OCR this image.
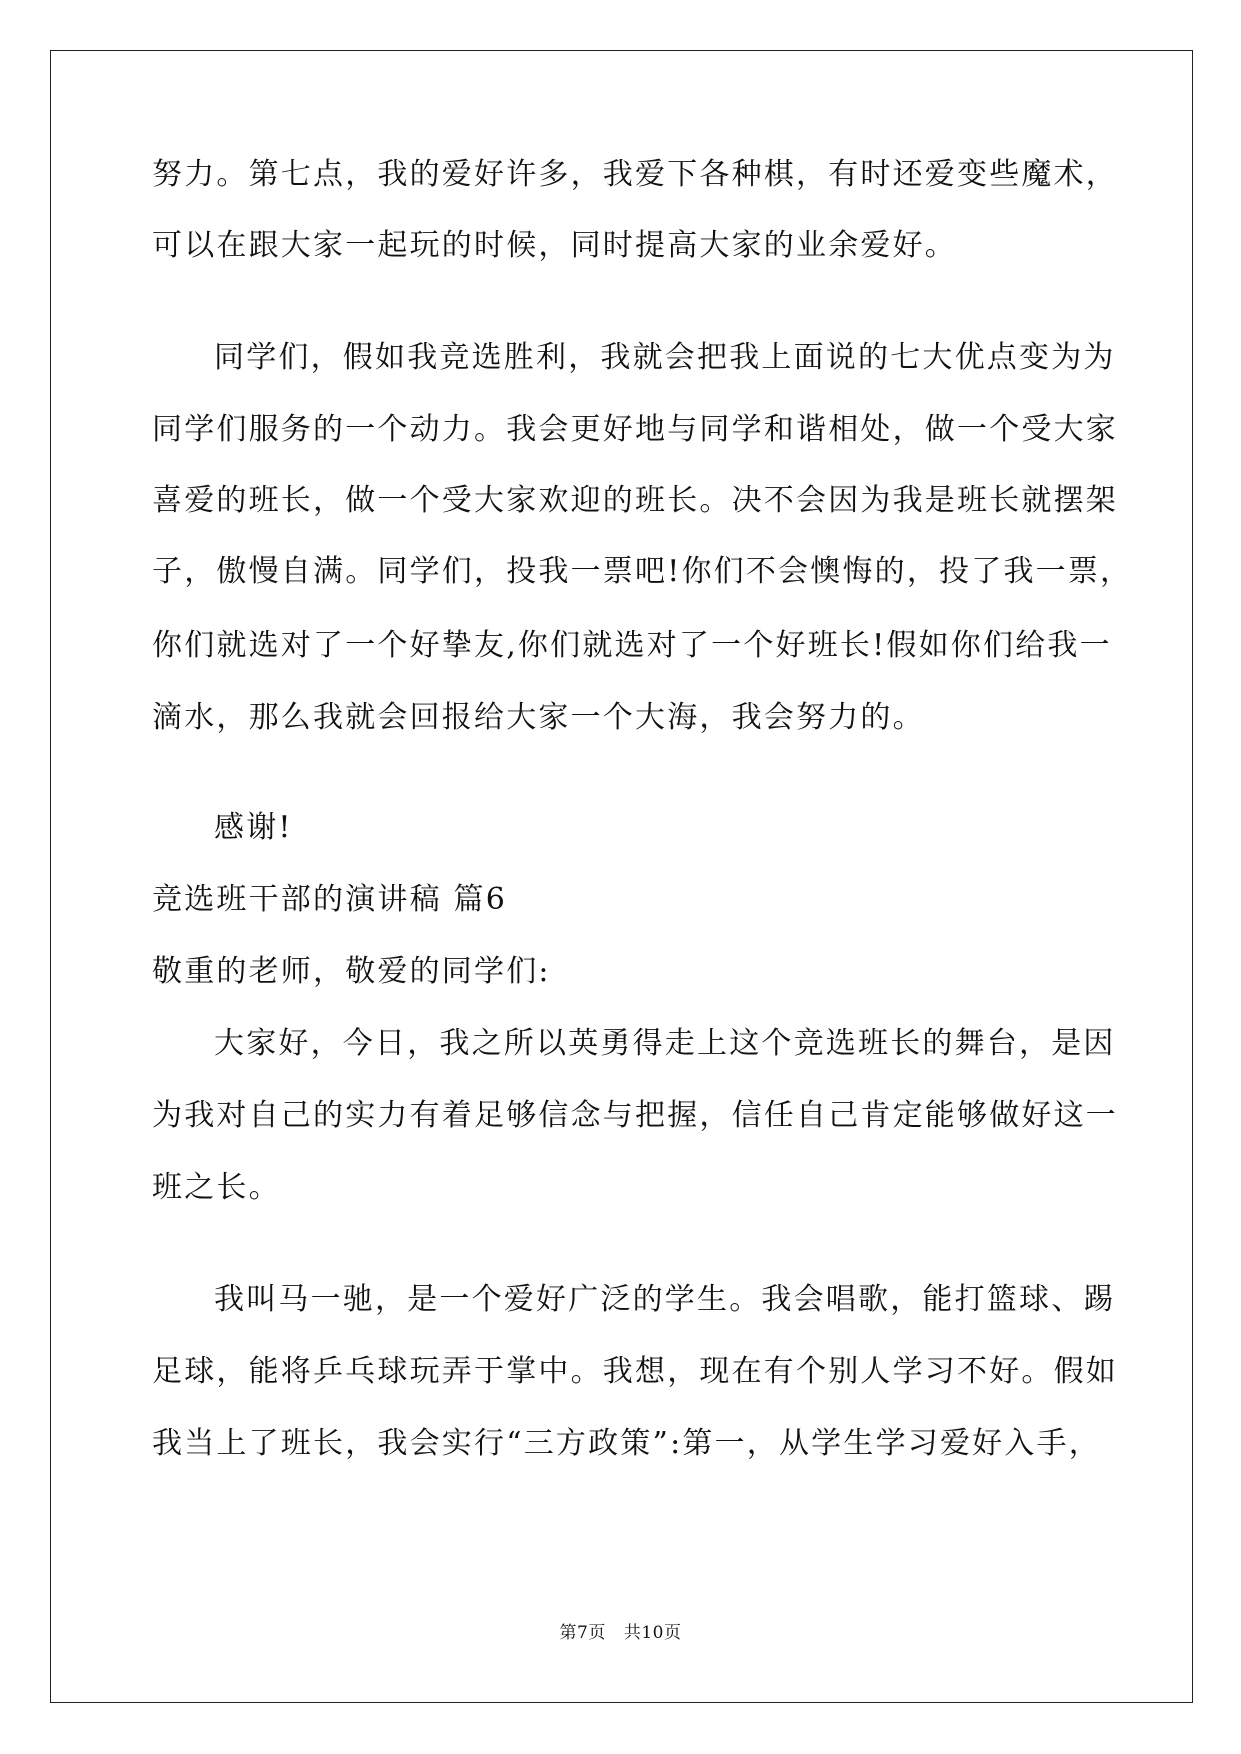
努力。第七点，我的爱好许多，我爱下各种棋，有时还爱变些魔术，
可以在跟大家一起玩的时候，同时提高大家的业余爱好。
同学们，假如我竞选胜利，我就会把我上面说的七大优点变为为
同学们服务的一个动力。我会更好地与同学和谐相处，做一个受大家
喜爱的班长，做一个受大家欢迎的班长。决不会因为我是班长就摆架
子，傲慢自满。同学们，投我一票吧!你们不会懊悔的，投了我一票，
你们就选对了一个好挚友,你们就选对了一个好班长!假如你们给我一
滴水，那么我就会回报给大家一个大海，我会努力的。
感谢!
竞选班干部的演讲稿 篇6
敬重的老师，敬爱的同学们:
大家好，今日，我之所以英勇得走上这个竞选班长的舞台，是因
为我对自己的实力有着足够信念与把握，信任自己肯定能够做好这一
班之长。
我叫马一驰，是一个爱好广泛的学生。我会唱歌，能打篮球、踢
足球，能将乒乓球玩弄于掌中。我想，现在有个别人学习不好。假如
我当上了班长，我会实行“三方政策”:第一，从学生学习爱好入手，
第7页 共10页
